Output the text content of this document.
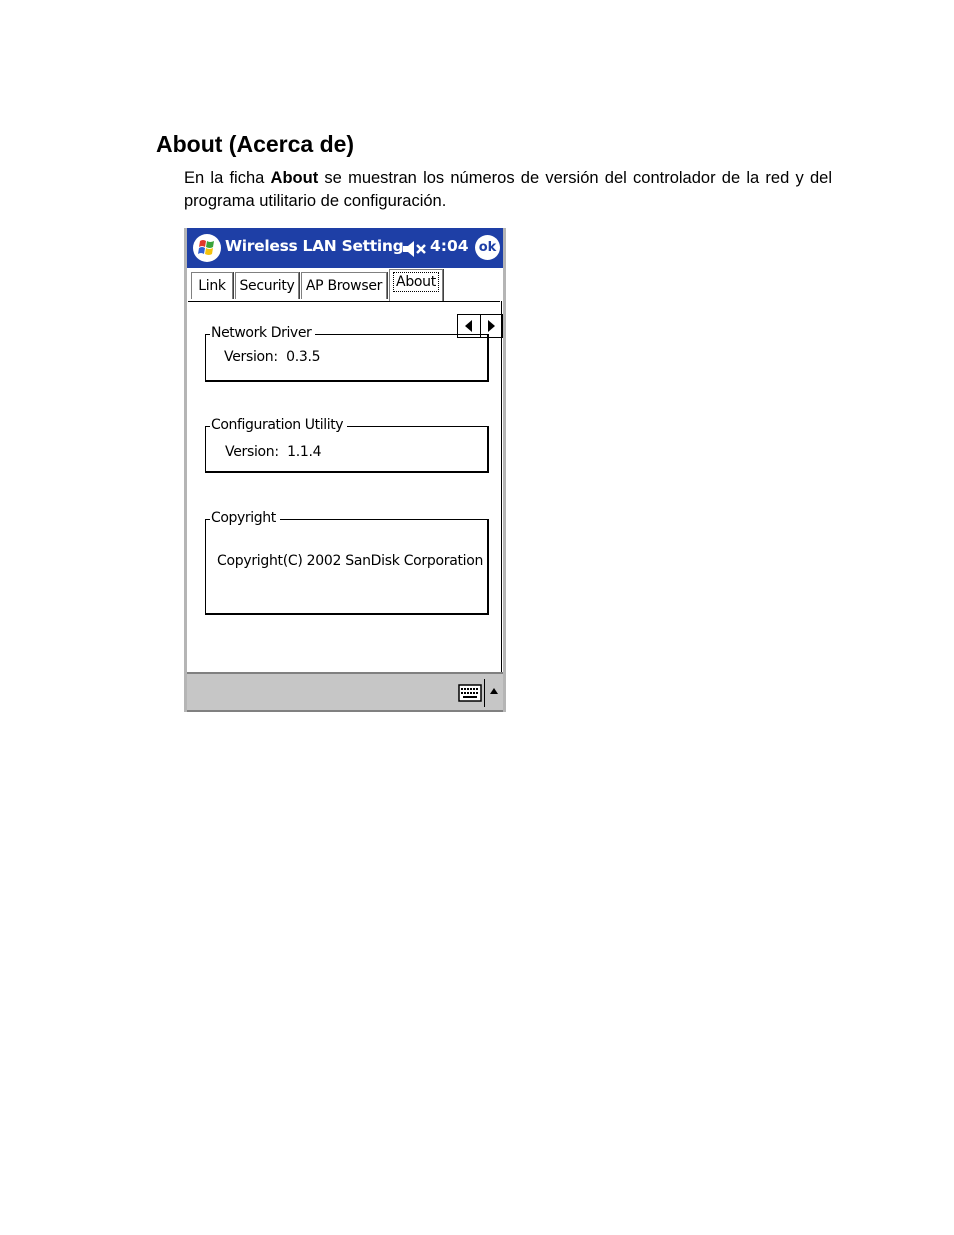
About (Acerca de)

En la ficha About se muestran los números de versión del controlador de la red y del programa utilitario de configuración.

Wireless LAN Setting 4:04 ok
Link Security AP Browser About
Network Driver
Version:  0.3.5
Configuration Utility
Version:  1.1.4
Copyright
Copyright(C) 2002 SanDisk Corporation
